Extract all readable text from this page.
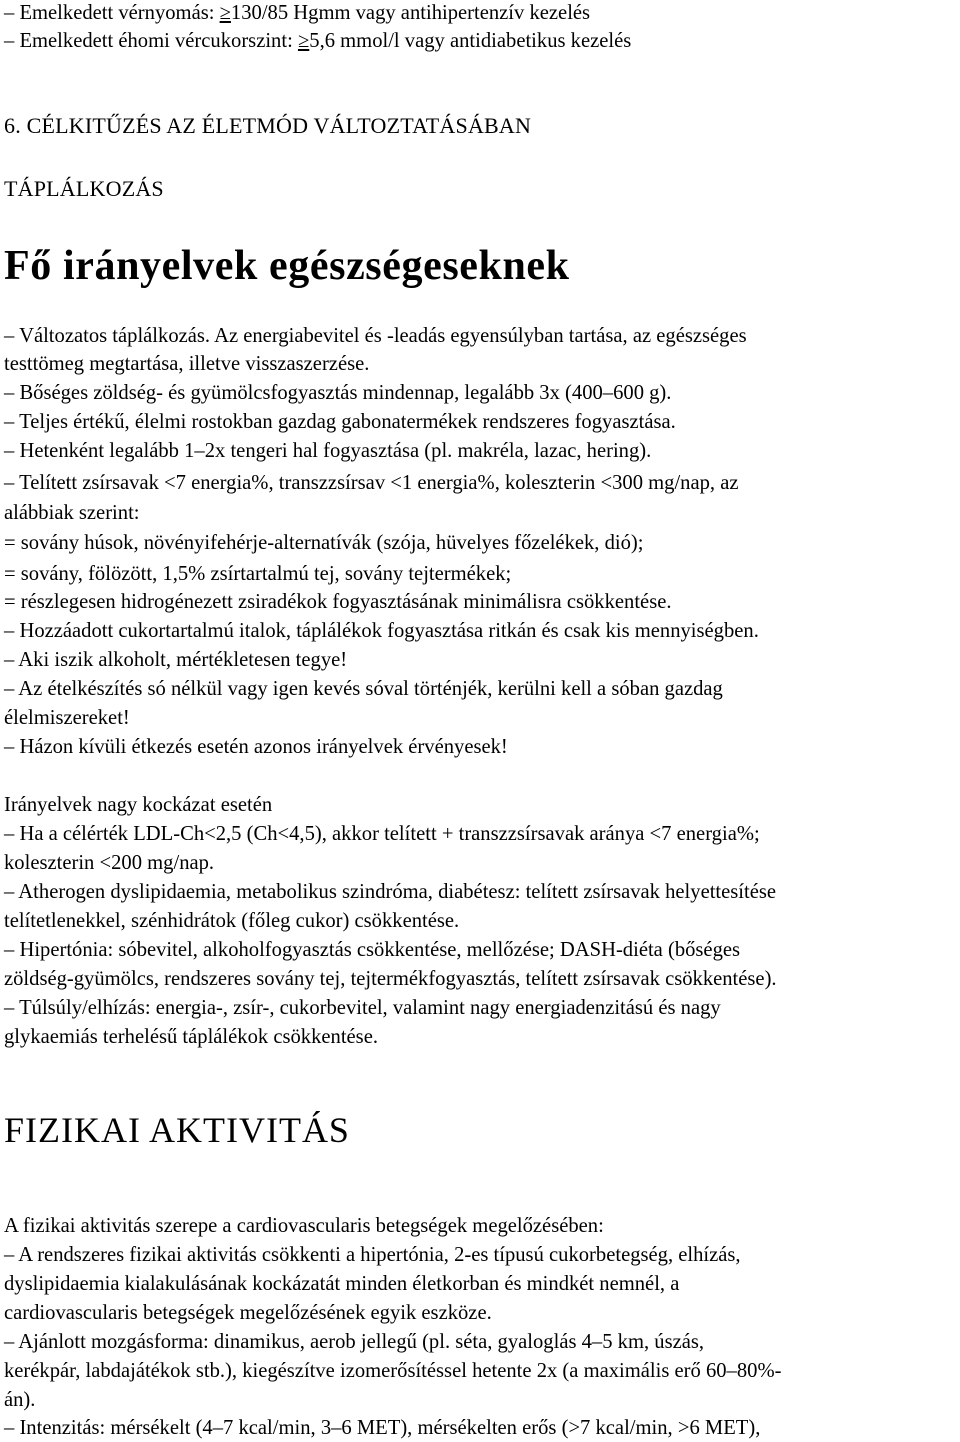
– Emelkedett vérnyomás: ≥130/85 Hgmm vagy antihipertenzív kezelés
– Emelkedett éhomi vércukorszint: ≥5,6 mmol/l vagy antidiabetikus kezelés
6. CÉLKITŰZÉS AZ ÉLETMÓD VÁLTOZTATÁSÁBAN
TÁPLÁLKOZÁS
Fő irányelvek egészségeseknek
– Változatos táplálkozás. Az energiabevitel és -leadás egyensúlyban tartása, az egészséges
testtömeg megtartása, illetve visszaszerzése.
– Bőséges zöldség- és gyümölcsfogyasztás mindennap, legalább 3x (400–600 g).
– Teljes értékű, élelmi rostokban gazdag gabonatermékek rendszeres fogyasztása.
– Hetenként legalább 1–2x tengeri hal fogyasztása (pl. makréla, lazac, hering).
– Telített zsírsavak <7 energia%, transzzsírsav <1 energia%, koleszterin <300 mg/nap, az
alábbiak szerint:
= sovány húsok, növényifehérje-alternatívák (szója, hüvelyes főzelékek, dió);
= sovány, fölözött, 1,5% zsírtartalmú tej, sovány tejtermékek;
= részlegesen hidrogénezett zsiradékok fogyasztásának minimálisra csökkentése.
– Hozzáadott cukortartalmú italok, táplálékok fogyasztása ritkán és csak kis mennyiségben.
– Aki iszik alkoholt, mértékletesen tegye!
– Az ételkészítés só nélkül vagy igen kevés sóval történjék, kerülni kell a sóban gazdag
élelmiszereket!
– Házon kívüli étkezés esetén azonos irányelvek érvényesek!
Irányelvek nagy kockázat esetén
– Ha a célérték LDL-Ch<2,5 (Ch<4,5), akkor telített + transzzsírsavak aránya <7 energia%;
koleszterin <200 mg/nap.
– Atherogen dyslipidaemia, metabolikus szindróma, diabétesz: telített zsírsavak helyettesítése
telítetlenekkel, szénhidrátok (főleg cukor) csökkentése.
– Hipertónia: sóbevitel, alkoholfogyasztás csökkentése, mellőzése; DASH-diéta (bőséges
zöldség-gyümölcs, rendszeres sovány tej, tejtermékfogyasztás, telített zsírsavak csökkentése).
– Túlsúly/elhízás: energia-, zsír-, cukorbevitel, valamint nagy energiadenzitású és nagy
glykaemiás terhelésű táplálékok csökkentése.
FIZIKAI AKTIVITÁS
A fizikai aktivitás szerepe a cardiovascularis betegségek megelőzésében:
– A rendszeres fizikai aktivitás csökkenti a hipertónia, 2-es típusú cukorbetegség, elhízás,
dyslipidaemia kialakulásának kockázatát minden életkorban és mindkét nemnél, a
cardiovascularis betegségek megelőzésének egyik eszköze.
– Ajánlott mozgásforma: dinamikus, aerob jellegű (pl. séta, gyaloglás 4–5 km, úszás,
kerékpár, labdajátékok stb.), kiegészítve izomerősítéssel hetente 2x (a maximális erő 60–80%-
án).
– Intenzitás: mérsékelt (4–7 kcal/min, 3–6 MET), mérsékelten erős (>7 kcal/min, >6 MET),
